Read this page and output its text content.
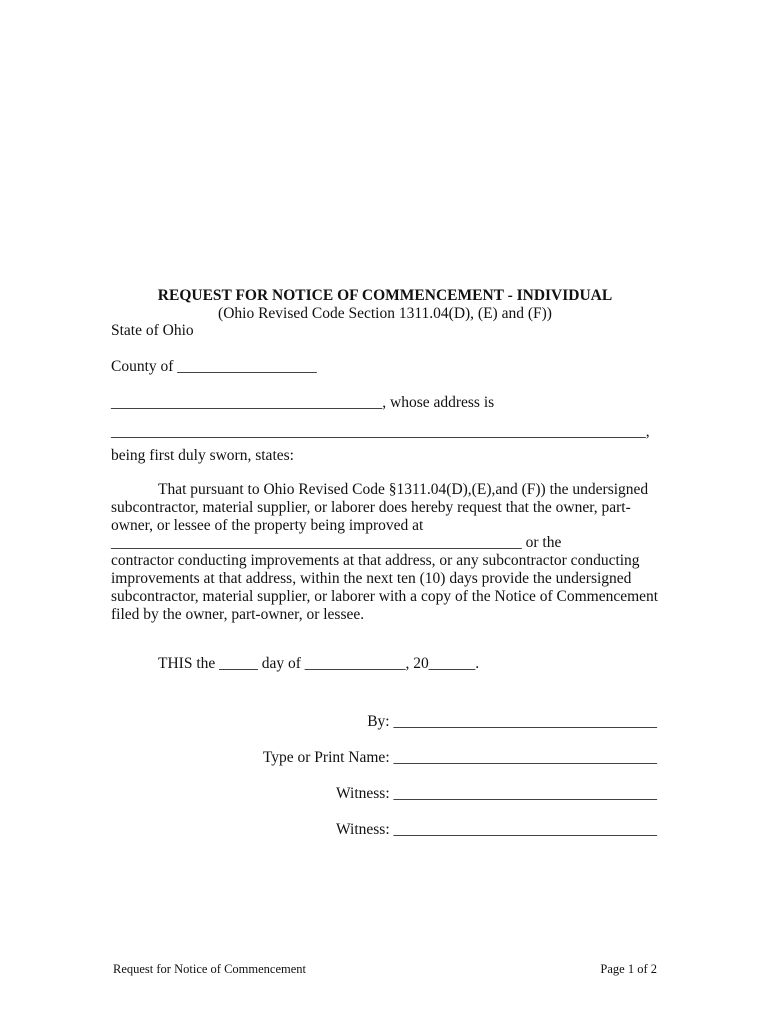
REQUEST FOR NOTICE OF COMMENCEMENT - INDIVIDUAL
(Ohio Revised Code Section 1311.04(D), (E) and (F))
State of Ohio
County of __________________
___________________________________, whose address is
_____________________________________________________________________,
being first duly sworn, states:
That pursuant to Ohio Revised Code §1311.04(D),(E),and (F)) the undersigned
subcontractor, material supplier, or laborer does hereby request that the owner, part-
owner, or lessee of the property being improved at
_____________________________________________________ or the
contractor conducting improvements at that address, or any subcontractor conducting
improvements at that address, within the next ten (10) days provide the undersigned
subcontractor, material supplier, or laborer with a copy of the Notice of Commencement
filed by the owner, part-owner, or lessee.
THIS the _____ day of _____________, 20______.
By: __________________________________
Type or Print Name: __________________________________
Witness: __________________________________
Witness: __________________________________
Request for Notice of Commencement	Page 1 of 2
